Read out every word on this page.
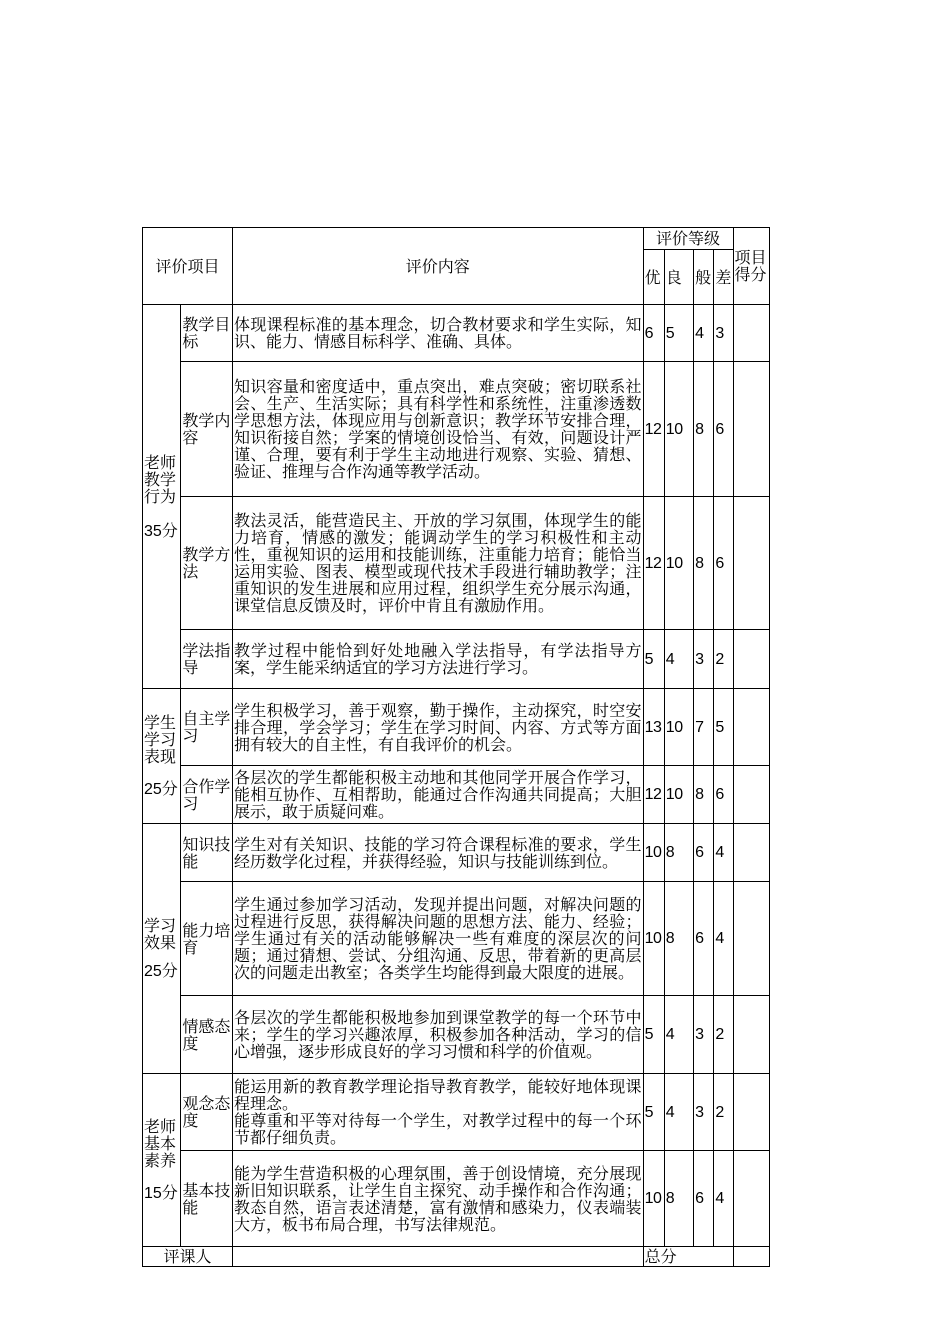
评价项目		评价内容	评价等级				项目得分
			优	良	般	差	

老师教学行为
35分	教学目标	体现课程标准的基本理念，切合教材要求和学生实际，知识、能力、情感目标科学、准确、具体。	6	5	4	3	
	教学内容	知识容量和密度适中，重点突出，难点突破；密切联系社会、生产、生活实际；具有科学性和系统性，注重渗透数学思想方法，体现应用与创新意识；教学环节安排合理，知识衔接自然；学案的情境创设恰当、有效，问题设计严谨、合理，要有利于学生主动地进行观察、实验、猜想、验证、推理与合作沟通等教学活动。	12	10	8	6	
	教学方法	教法灵活，能营造民主、开放的学习氛围，体现学生的能力培育，情感的激发；能调动学生的学习积极性和主动性，重视知识的运用和技能训练，注重能力培育；能恰当运用实验、图表、模型或现代技术手段进行辅助教学；注重知识的发生进展和应用过程，组织学生充分展示沟通，课堂信息反馈及时，评价中肯且有激励作用。	12	10	8	6	
	学法指导	教学过程中能恰到好处地融入学法指导，有学法指导方案，学生能采纳适宜的学习方法进行学习。	5	4	3	2	

学生学习表现
25分	自主学习	学生积极学习，善于观察，勤于操作，主动探究，时空安排合理，学会学习；学生在学习时间、内容、方式等方面拥有较大的自主性，有自我评价的机会。	13	10	7	5	
	合作学习	各层次的学生都能积极主动地和其他同学开展合作学习，能相互协作、互相帮助，能通过合作沟通共同提高；大胆展示，敢于质疑问难。	12	10	8	6	

学习效果
25分	知识技能	学生对有关知识、技能的学习符合课程标准的要求，学生经历数学化过程，并获得经验，知识与技能训练到位。	10	8	6	4	
	能力培育	学生通过参加学习活动，发现并提出问题，对解决问题的过程进行反思，获得解决问题的思想方法、能力、经验；学生通过有关的活动能够解决一些有难度的深层次的问题；通过猜想、尝试、分组沟通、反思，带着新的更高层次的问题走出教室；各类学生均能得到最大限度的进展。	10	8	6	4	
	情感态度	各层次的学生都能积极地参加到课堂教学的每一个环节中来；学生的学习兴趣浓厚，积极参加各种活动，学习的信心增强，逐步形成良好的学习习惯和科学的价值观。	5	4	3	2	

老师基本素养
15分	观念态度	能运用新的教育教学理论指导教育教学，能较好地体现课程理念。
能尊重和平等对待每一个学生，对教学过程中的每一个环节都仔细负责。	5	4	3	2	
	基本技能	能为学生营造积极的心理氛围，善于创设情境，充分展现新旧知识联系，让学生自主探究、动手操作和合作沟通；教态自然，语言表述清楚，富有激情和感染力，仪表端装大方，板书布局合理，书写法律规范。	10	8	6	4	
评课人			总分				
